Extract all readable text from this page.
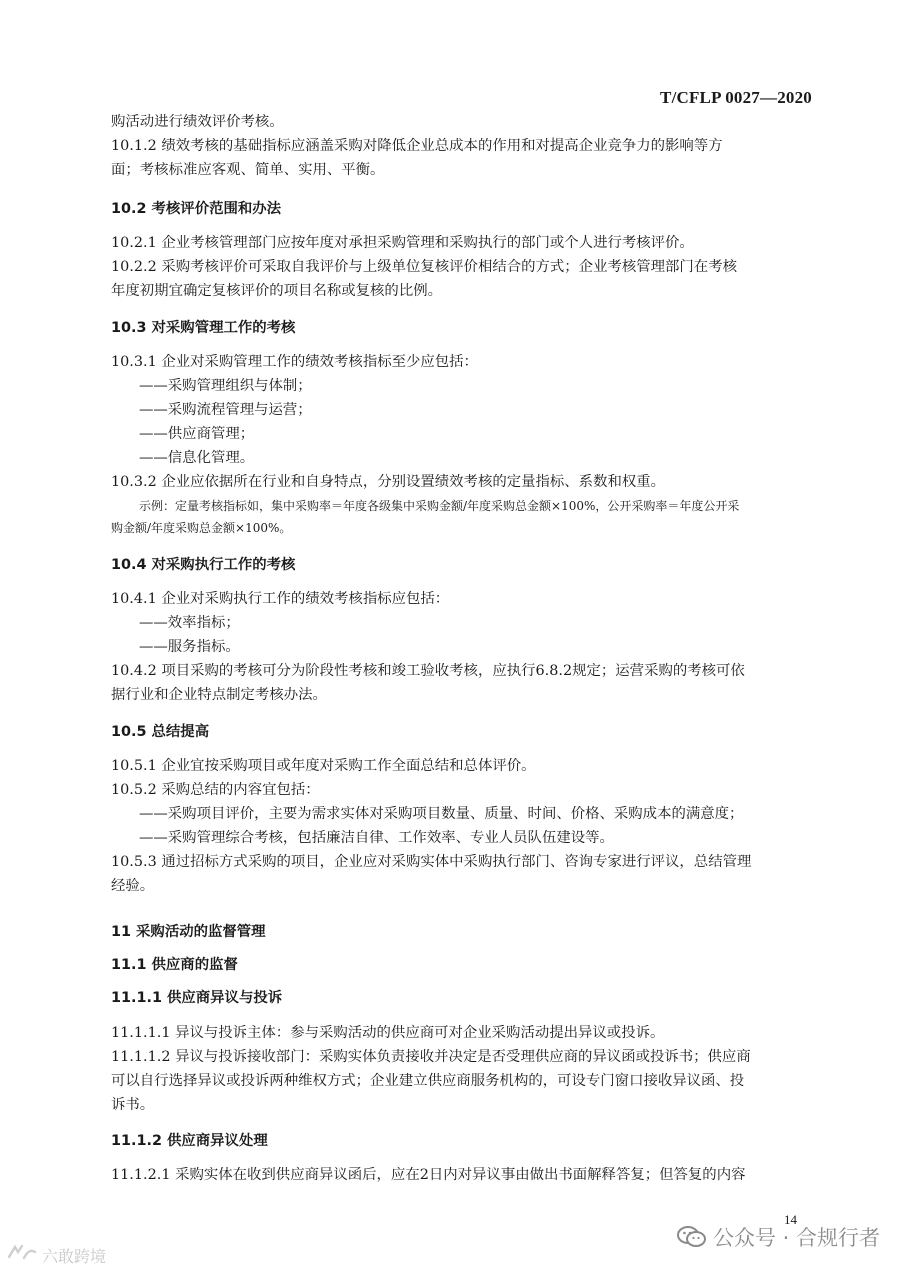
T/CFLP 0027—2020
购活动进行绩效评价考核。
10.1.2 绩效考核的基础指标应涵盖采购对降低企业总成本的作用和对提高企业竞争力的影响等方
面；考核标准应客观、简单、实用、平衡。
10.2 考核评价范围和办法
10.2.1 企业考核管理部门应按年度对承担采购管理和采购执行的部门或个人进行考核评价。
10.2.2 采购考核评价可采取自我评价与上级单位复核评价相结合的方式；企业考核管理部门在考核
年度初期宜确定复核评价的项目名称或复核的比例。
10.3 对采购管理工作的考核
10.3.1 企业对采购管理工作的绩效考核指标至少应包括：
——采购管理组织与体制；
——采购流程管理与运营；
——供应商管理；
——信息化管理。
10.3.2 企业应依据所在行业和自身特点，分别设置绩效考核的定量指标、系数和权重。
示例：定量考核指标如，集中采购率＝年度各级集中采购金额/年度采购总金额×100%，公开采购率＝年度公开采
购金额/年度采购总金额×100%。
10.4 对采购执行工作的考核
10.4.1 企业对采购执行工作的绩效考核指标应包括：
——效率指标；
——服务指标。
10.4.2 项目采购的考核可分为阶段性考核和竣工验收考核，应执行6.8.2规定；运营采购的考核可依
据行业和企业特点制定考核办法。
10.5 总结提高
10.5.1 企业宜按采购项目或年度对采购工作全面总结和总体评价。
10.5.2 采购总结的内容宜包括：
——采购项目评价，主要为需求实体对采购项目数量、质量、时间、价格、采购成本的满意度；
——采购管理综合考核，包括廉洁自律、工作效率、专业人员队伍建设等。
10.5.3 通过招标方式采购的项目，企业应对采购实体中采购执行部门、咨询专家进行评议，总结管理
经验。
11 采购活动的监督管理
11.1 供应商的监督
11.1.1 供应商异议与投诉
11.1.1.1 异议与投诉主体：参与采购活动的供应商可对企业采购活动提出异议或投诉。
11.1.1.2 异议与投诉接收部门：采购实体负责接收并决定是否受理供应商的异议函或投诉书；供应商
可以自行选择异议或投诉两种维权方式；企业建立供应商服务机构的，可设专门窗口接收异议函、投
诉书。
11.1.2 供应商异议处理
11.1.2.1 采购实体在收到供应商异议函后，应在2日内对异议事由做出书面解释答复；但答复的内容
14
公众号 · 合规行者
六敢跨境
